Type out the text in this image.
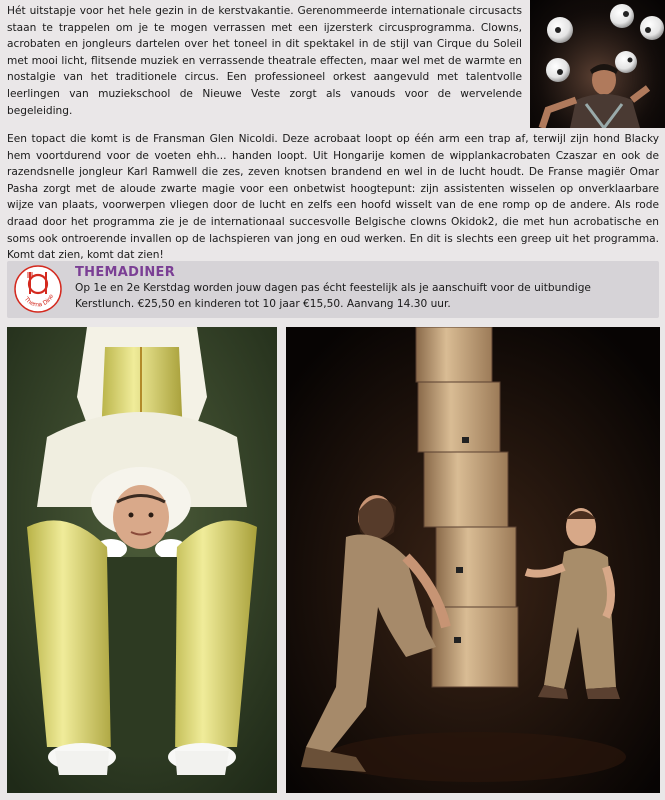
Hét uitstapje voor het hele gezin in de kerstvakantie. Gerenommeerde internationale circusacts staan te trappelen om je te mogen verrassen met een ijzersterk circusprogramma. Clowns, acrobaten en jongleurs dartelen over het toneel in dit spektakel in de stijl van Cirque du Soleil met mooi licht, flitsende muziek en verrassende theatrale effecten, maar wel met de warmte en nostalgie van het traditionele circus. Een professioneel orkest aangevuld met talentvolle leerlingen van muziekschool de Nieuwe Veste zorgt als vanouds voor de wervelende begeleiding.

Een topact die komt is de Fransman Glen Nicoldi. Deze acrobaat loopt op één arm een trap af, terwijl zijn hond Blacky hem voortdurend voor de voeten ehh... handen loopt. Uit Hongarije komen de wipplankacrobaten Czaszar en ook de razendsnelle jongleur Karl Ramwell die zes, zeven knotsen brandend en wel in de lucht houdt. De Franse magiër Omar Pasha zorgt met de aloude zwarte magie voor een onbetwist hoogtepunt: zijn assistenten wisselen op onverklaarbare wijze van plaats, voorwerpen vliegen door de lucht en zelfs een hoofd wisselt van de ene romp op de andere. Als rode draad door het programma zie je de internationaal succesvolle Belgische clowns Okidok2, die met hun acrobatische en soms ook ontroerende invallen op de lachspieren van jong en oud werken. En dit is slechts een greep uit het programma. Komt dat zien, komt dat zien!

Thema Dine

THEMADINER

Op 1e en 2e Kerstdag worden jouw dagen pas écht feestelijk als je aanschuift voor de uitbundige Kerstlunch. €25,50 en kinderen tot 10 jaar €15,50. Aanvang 14.30 uur.
